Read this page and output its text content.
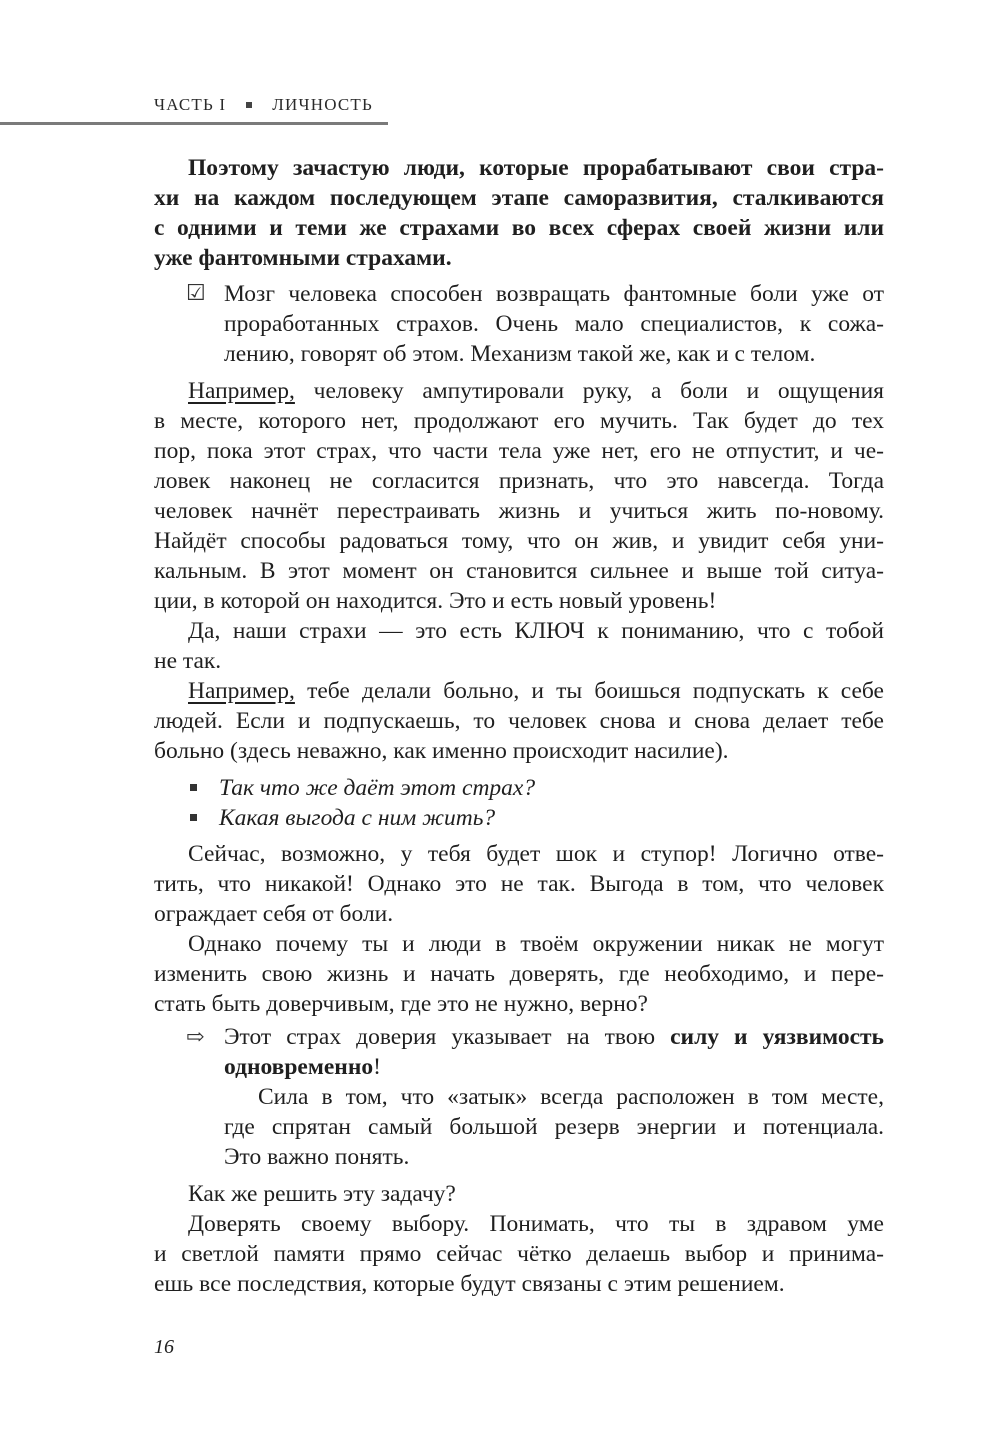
ЧАСТЬ I	ЛИЧНОСТЬ
Поэтому зачастую люди, которые прорабатывают свои стра-
хи на каждом последующем этапе саморазвития, сталкиваются
с одними и теми же страхами во всех сферах своей жизни или
уже фантомными страхами.
☑ Мозг человека способен возвращать фантомные боли уже от
проработанных страхов. Очень мало специалистов, к сожа-
лению, говорят об этом. Механизм такой же, как и с телом.
Например, человеку ампутировали руку, а боли и ощущения
в месте, которого нет, продолжают его мучить. Так будет до тех
пор, пока этот страх, что части тела уже нет, его не отпустит, и че-
ловек наконец не согласится признать, что это навсегда. Тогда
человек начнёт перестраивать жизнь и учиться жить по-новому.
Найдёт способы радоваться тому, что он жив, и увидит себя уни-
кальным. В этот момент он становится сильнее и выше той ситуа-
ции, в которой он находится. Это и есть новый уровень!
Да, наши страхи — это есть КЛЮЧ к пониманию, что с тобой
не так.
Например, тебе делали больно, и ты боишься подпускать к себе
людей. Если и подпускаешь, то человек снова и снова делает тебе
больно (здесь неважно, как именно происходит насилие).
Так что же даёт этот страх?
Какая выгода с ним жить?
Сейчас, возможно, у тебя будет шок и ступор! Логично отве-
тить, что никакой! Однако это не так. Выгода в том, что человек
ограждает себя от боли.
Однако почему ты и люди в твоём окружении никак не могут
изменить свою жизнь и начать доверять, где необходимо, и пере-
стать быть доверчивым, где это не нужно, верно?
⇨ Этот страх доверия указывает на твою силу и уязвимость
одновременно!
Сила в том, что «затык» всегда расположен в том месте,
где спрятан самый большой резерв энергии и потенциала.
Это важно понять.
Как же решить эту задачу?
Доверять своему выбору. Понимать, что ты в здравом уме
и светлой памяти прямо сейчас чётко делаешь выбор и принима-
ешь все последствия, которые будут связаны с этим решением.
16
